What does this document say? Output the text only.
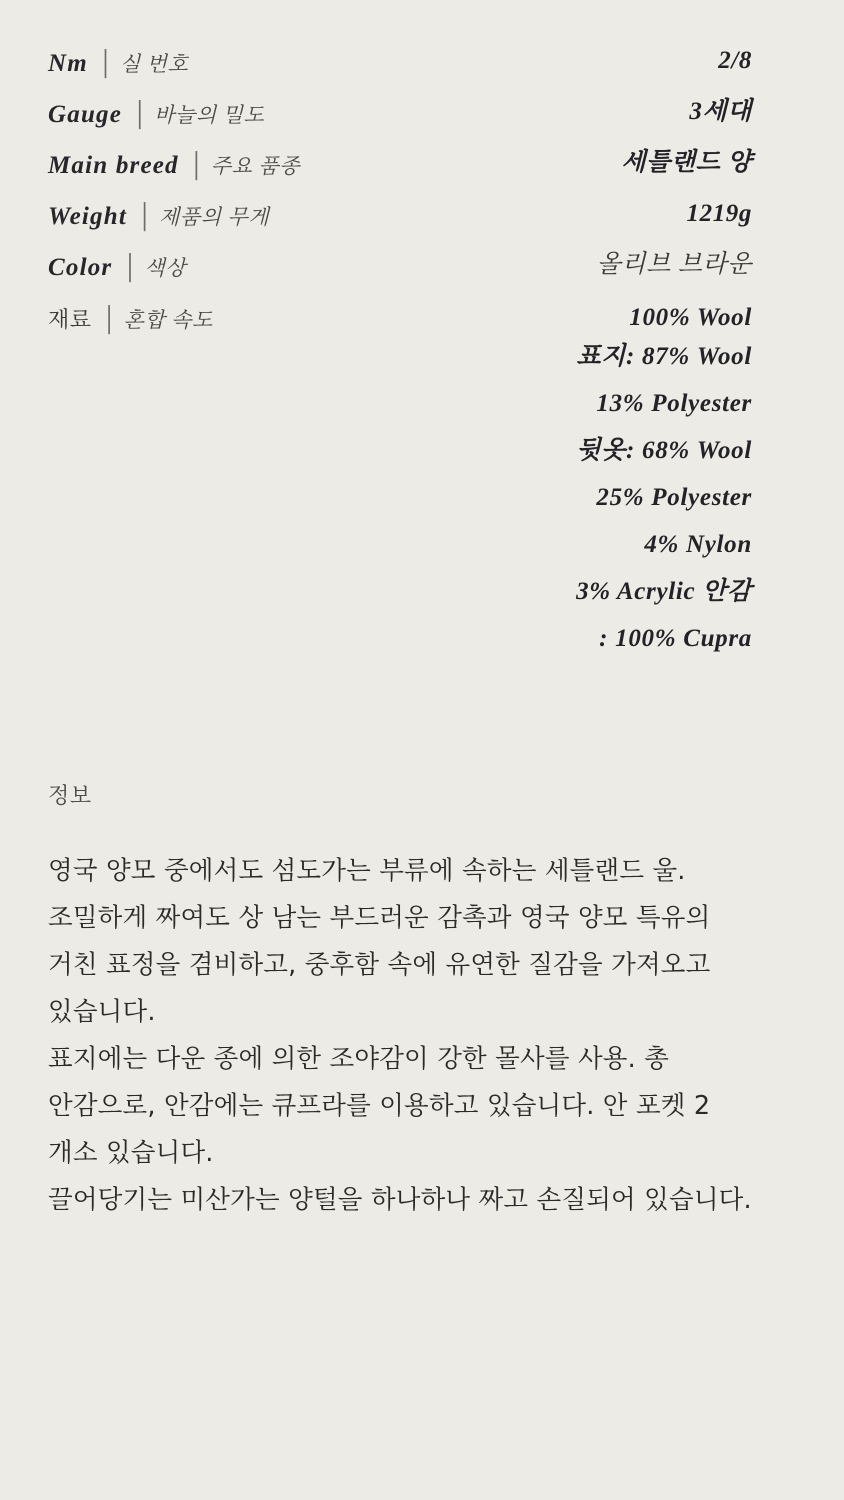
Nm │ 실 번호	2/8
Gauge │ 바늘의 밀도	3세대
Main breed │ 주요 품종	세틀랜드 양
Weight │ 제품의 무게	1219g
Color │ 색상	올리브 브라운
재료 │ 혼합 속도	100% Wool
표지: 87% Wool
13% Polyester
뒷옷: 68% Wool
25% Polyester
4% Nylon
3% Acrylic 안감
: 100% Cupra
정보

영국 양모 중에서도 섬도가는 부류에 속하는 세틀랜드 울.

조밀하게 짜여도 상 남는 부드러운 감촉과 영국 양모 특유의 거친 표정을 겸비하고, 중후함 속에 유연한 질감을 가져오고 있습니다.

표지에는 다운 종에 의한 조야감이 강한 몰사를 사용. 총 안감으로, 안감에는 큐프라를 이용하고 있습니다. 안 포켓 2 개소 있습니다.

끌어당기는 미산가는 양털을 하나하나 짜고 손질되어 있습니다.
